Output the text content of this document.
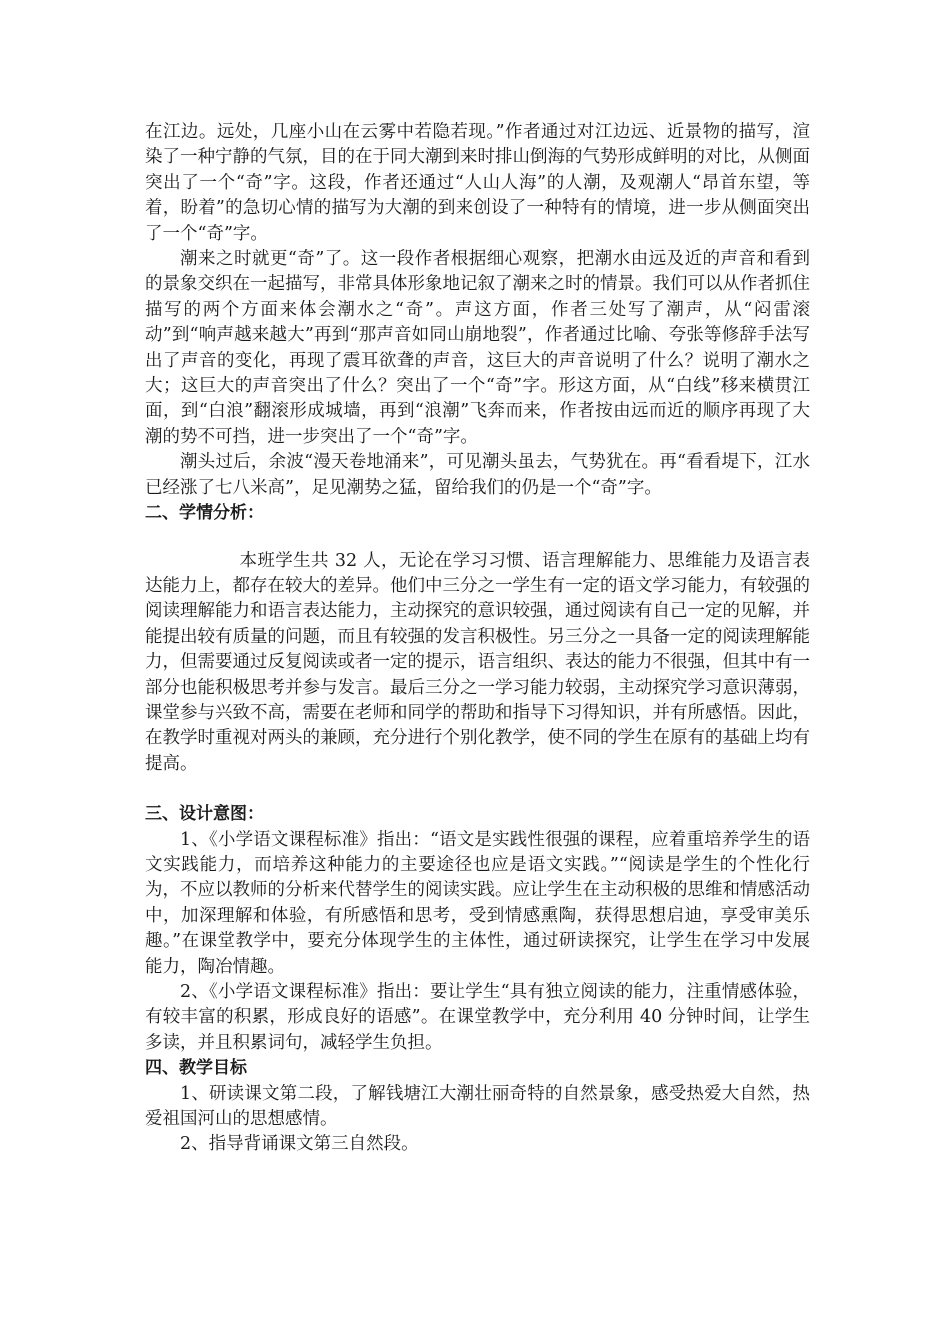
在江边。远处，几座小山在云雾中若隐若现。”作者通过对江边远、近景物的描写，渲染了一种宁静的气氛，目的在于同大潮到来时排山倒海的气势形成鲜明的对比，从侧面突出了一个“奇”字。这段，作者还通过“人山人海”的人潮，及观潮人“昂首东望，等着，盼着”的急切心情的描写为大潮的到来创设了一种特有的情境，进一步从侧面突出了一个“奇”字。

潮来之时就更“奇”了。这一段作者根据细心观察，把潮水由远及近的声音和看到的景象交织在一起描写，非常具体形象地记叙了潮来之时的情景。我们可以从作者抓住描写的两个方面来体会潮水之“奇”。声这方面，作者三处写了潮声，从“闷雷滚动”到“响声越来越大”再到“那声音如同山崩地裂”，作者通过比喻、夸张等修辞手法写出了声音的变化，再现了震耳欲聋的声音，这巨大的声音说明了什么？说明了潮水之大；这巨大的声音突出了什么？突出了一个“奇”字。形这方面，从“白线”移来横贯江面，到“白浪”翻滚形成城墙，再到“浪潮”飞奔而来，作者按由远而近的顺序再现了大潮的势不可挡，进一步突出了一个“奇”字。

潮头过后，余波“漫天卷地涌来”，可见潮头虽去，气势犹在。再“看看堤下，江水已经涨了七八米高”，足见潮势之猛，留给我们的仍是一个“奇”字。

二、学情分析：

本班学生共 32 人，无论在学习习惯、语言理解能力、思维能力及语言表达能力上，都存在较大的差异。他们中三分之一学生有一定的语文学习能力，有较强的阅读理解能力和语言表达能力，主动探究的意识较强，通过阅读有自己一定的见解，并能提出较有质量的问题，而且有较强的发言积极性。另三分之一具备一定的阅读理解能力，但需要通过反复阅读或者一定的提示，语言组织、表达的能力不很强，但其中有一部分也能积极思考并参与发言。最后三分之一学习能力较弱，主动探究学习意识薄弱，课堂参与兴致不高，需要在老师和同学的帮助和指导下习得知识，并有所感悟。因此，在教学时重视对两头的兼顾，充分进行个别化教学，使不同的学生在原有的基础上均有提高。

三、设计意图：

1、《小学语文课程标准》指出：“语文是实践性很强的课程，应着重培养学生的语文实践能力，而培养这种能力的主要途径也应是语文实践。”“阅读是学生的个性化行为，不应以教师的分析来代替学生的阅读实践。应让学生在主动积极的思维和情感活动中，加深理解和体验，有所感悟和思考，受到情感熏陶，获得思想启迪，享受审美乐趣。”在课堂教学中，要充分体现学生的主体性，通过研读探究，让学生在学习中发展能力，陶冶情趣。

2、《小学语文课程标准》指出：要让学生“具有独立阅读的能力，注重情感体验，有较丰富的积累，形成良好的语感”。在课堂教学中，充分利用 40 分钟时间，让学生多读，并且积累词句，减轻学生负担。

四、教学目标

1、研读课文第二段，了解钱塘江大潮壮丽奇特的自然景象，感受热爱大自然，热爱祖国河山的思想感情。

2、指导背诵课文第三自然段。
